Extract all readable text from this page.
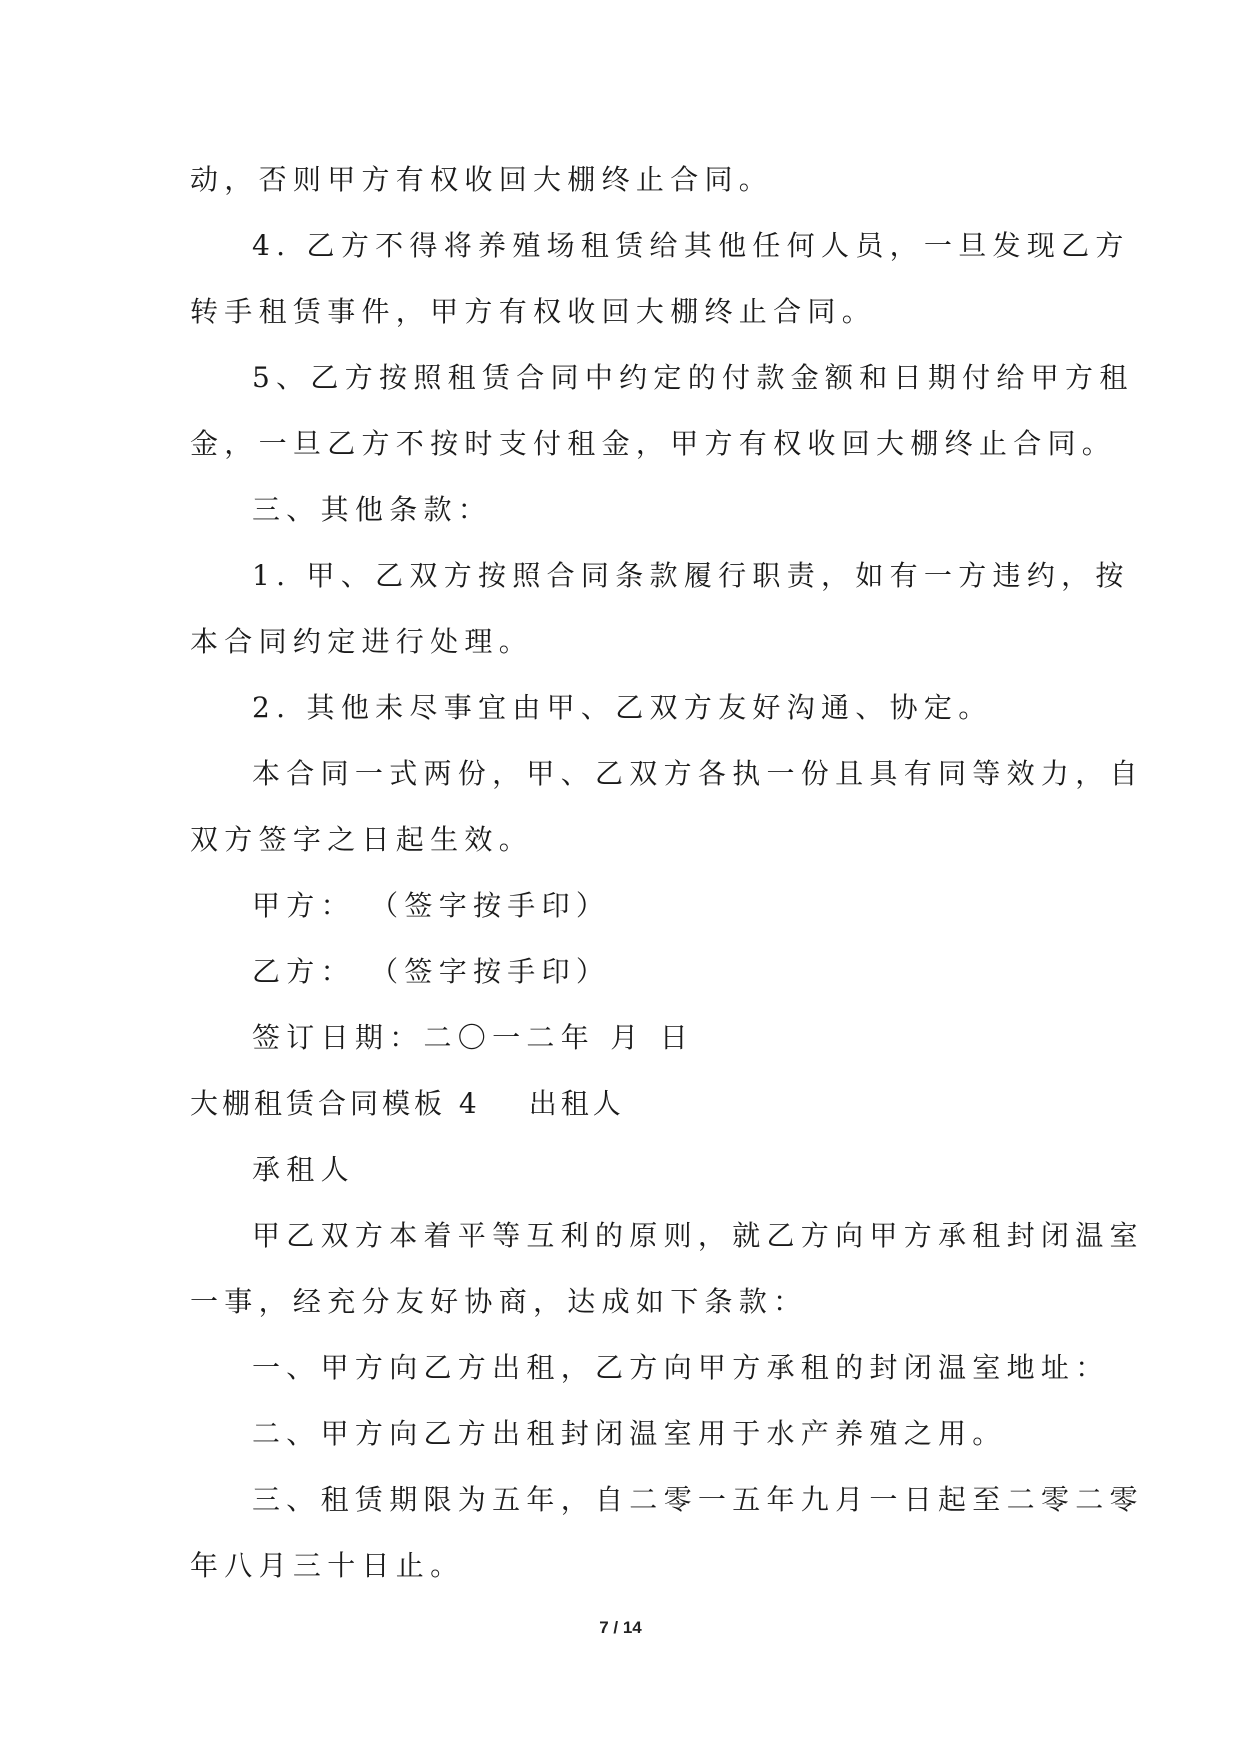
动，否则甲方有权收回大棚终止合同。
4. 乙方不得将养殖场租赁给其他任何人员，一旦发现乙方
转手租赁事件，甲方有权收回大棚终止合同。
5、乙方按照租赁合同中约定的付款金额和日期付给甲方租
金，一旦乙方不按时支付租金，甲方有权收回大棚终止合同。
三、其他条款：
1. 甲、乙双方按照合同条款履行职责，如有一方违约，按
本合同约定进行处理。
2. 其他未尽事宜由甲、乙双方友好沟通、协定。
本合同一式两份，甲、乙双方各执一份且具有同等效力，自
双方签字之日起生效。
甲方： （签字按手印）
乙方： （签字按手印）
签订日期：二〇一二年 月 日
大棚租赁合同模板 4 出租人
承租人
甲乙双方本着平等互利的原则，就乙方向甲方承租封闭温室
一事，经充分友好协商，达成如下条款：
一、甲方向乙方出租，乙方向甲方承租的封闭温室地址：
二、甲方向乙方出租封闭温室用于水产养殖之用。
三、租赁期限为五年，自二零一五年九月一日起至二零二零
年八月三十日止。
7 / 14
